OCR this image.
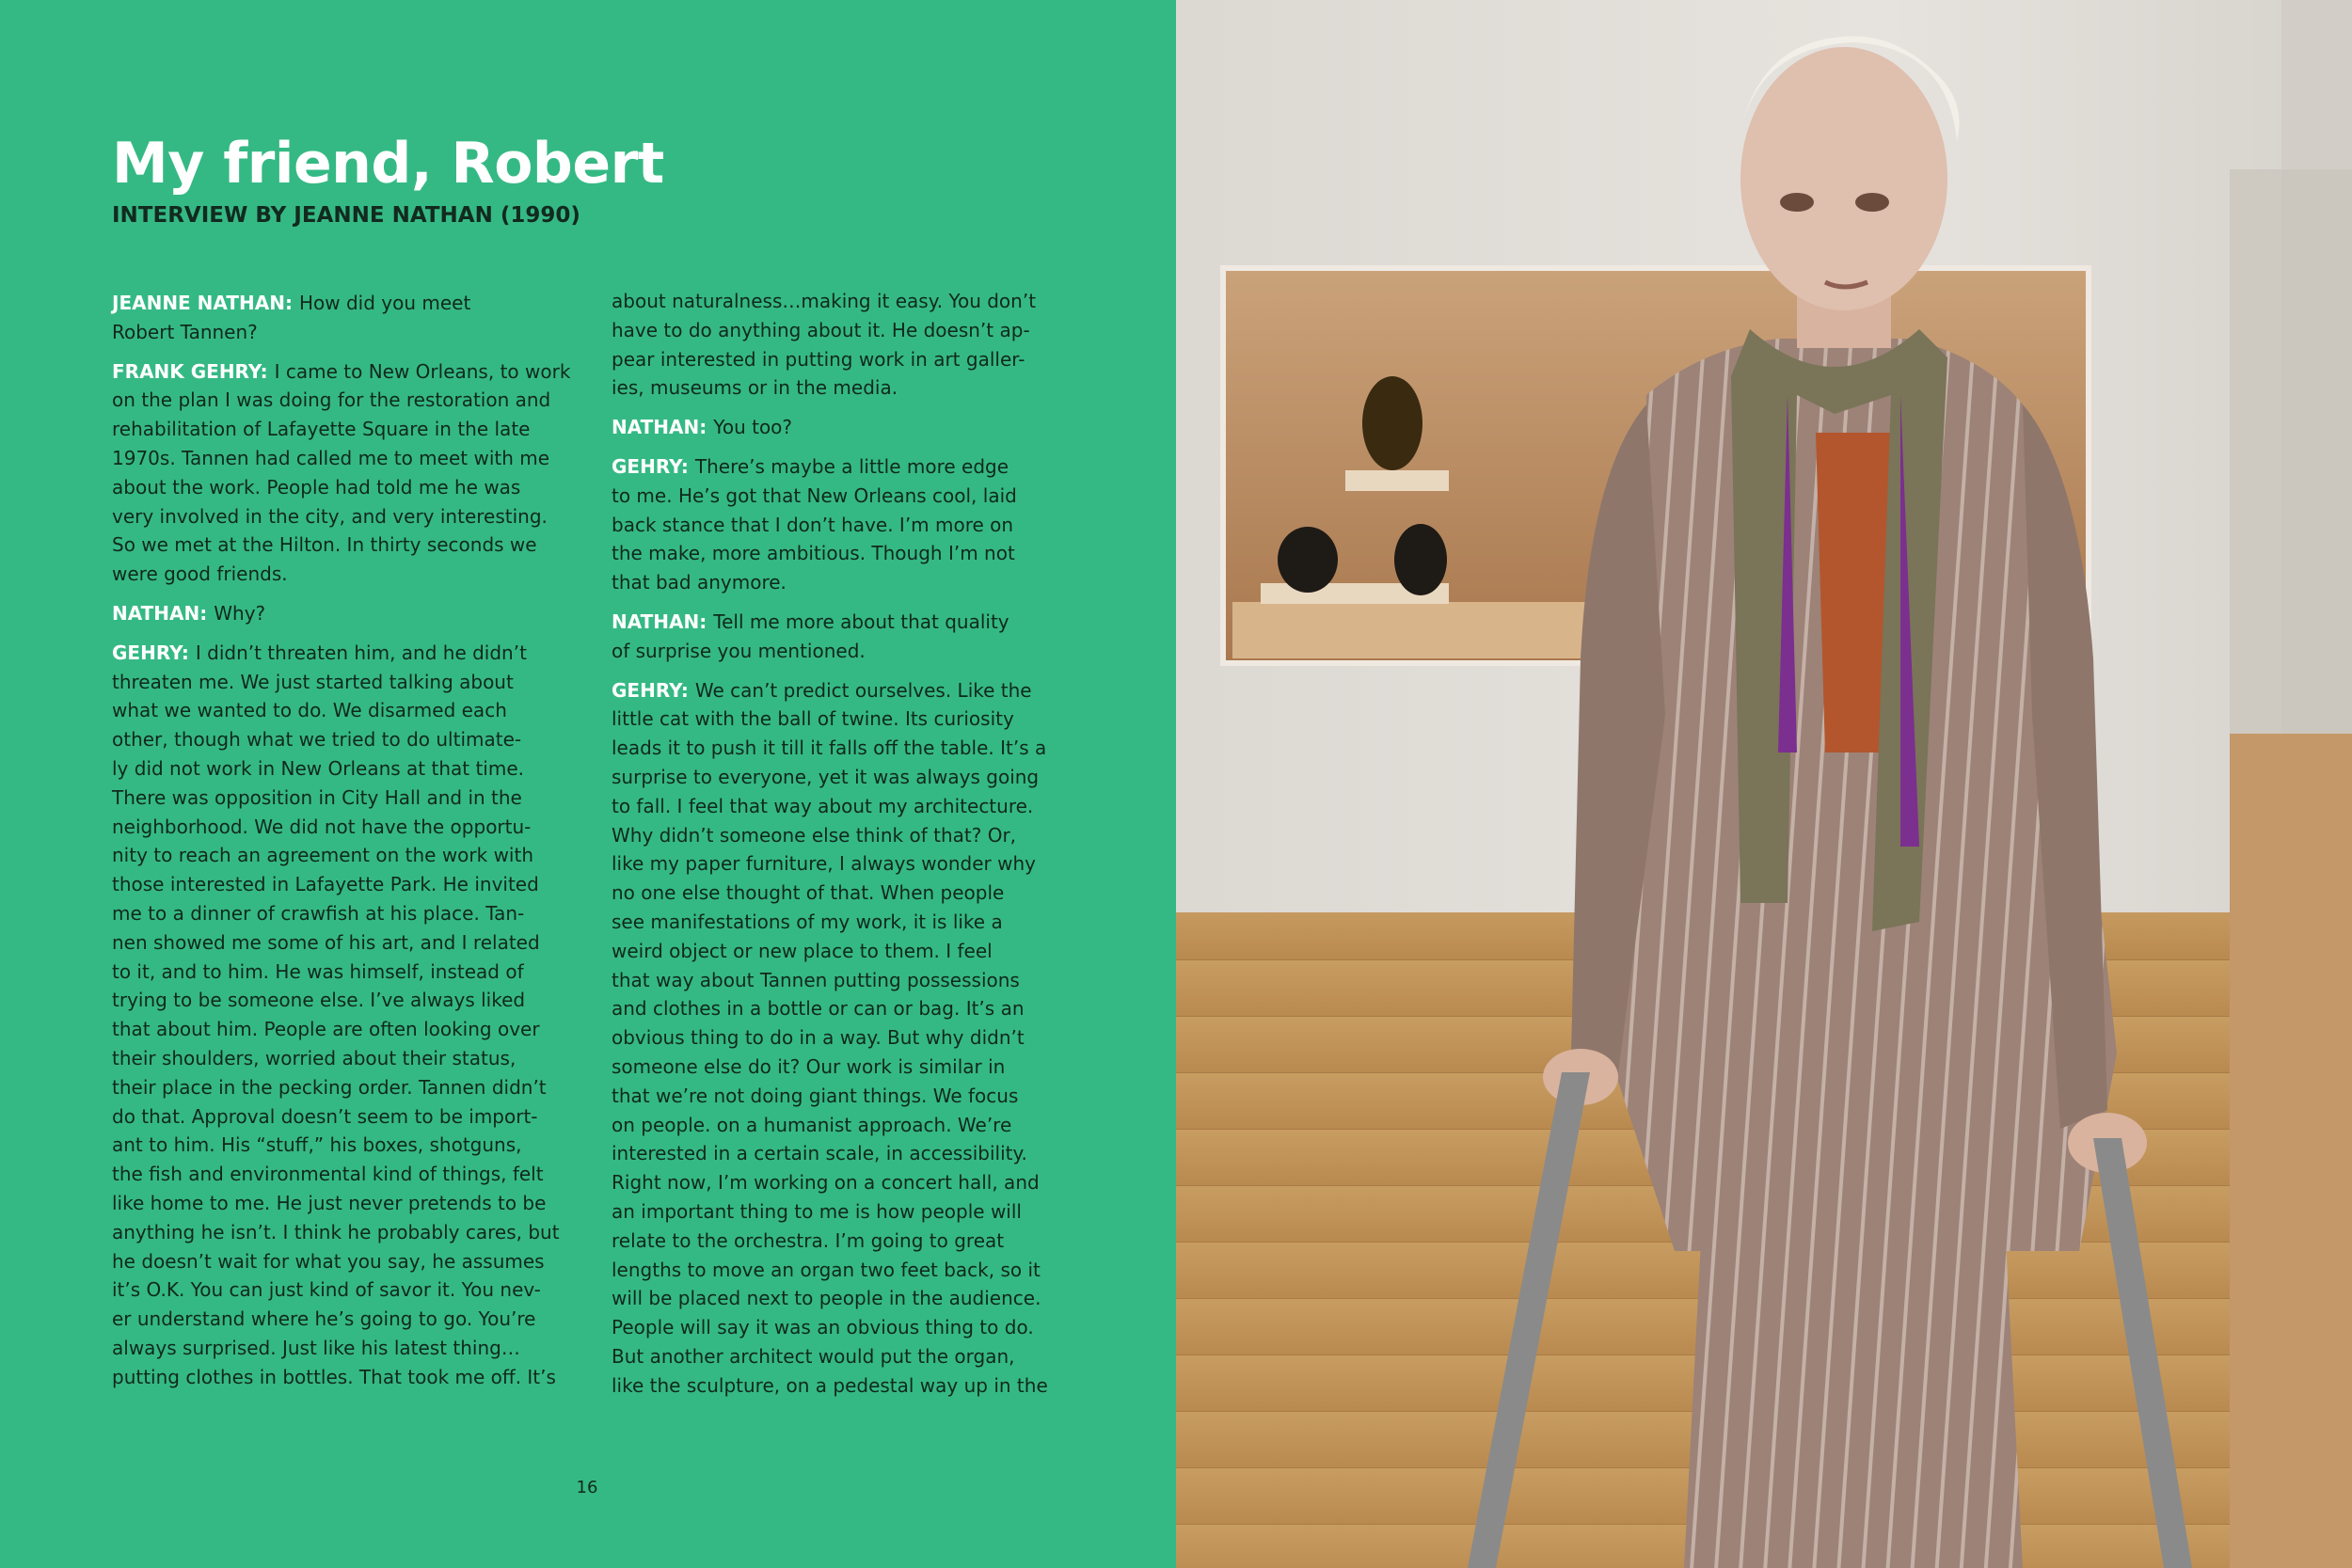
My friend, Robert
INTERVIEW BY JEANNE NATHAN (1990)

JEANNE NATHAN: How did you meet
Robert Tannen?

FRANK GEHRY: I came to New Orleans, to work
on the plan I was doing for the restoration and
rehabilitation of Lafayette Square in the late
1970s. Tannen had called me to meet with me
about the work. People had told me he was
very involved in the city, and very interesting.
So we met at the Hilton. In thirty seconds we
were good friends.

NATHAN: Why?

GEHRY: I didn’t threaten him, and he didn’t
threaten me. We just started talking about
what we wanted to do. We disarmed each
other, though what we tried to do ultimate-
ly did not work in New Orleans at that time.
There was opposition in City Hall and in the
neighborhood. We did not have the opportu-
nity to reach an agreement on the work with
those interested in Lafayette Park. He invited
me to a dinner of crawfish at his place. Tan-
nen showed me some of his art, and I related
to it, and to him. He was himself, instead of
trying to be someone else. I’ve always liked
that about him. People are often looking over
their shoulders, worried about their status,
their place in the pecking order. Tannen didn’t
do that. Approval doesn’t seem to be import-
ant to him. His “stuff,” his boxes, shotguns,
the fish and environmental kind of things, felt
like home to me. He just never pretends to be
anything he isn’t. I think he probably cares, but
he doesn’t wait for what you say, he assumes
it’s O.K. You can just kind of savor it. You nev-
er understand where he’s going to go. You’re
always surprised. Just like his latest thing…
putting clothes in bottles. That took me off. It’s

about naturalness…making it easy. You don’t
have to do anything about it. He doesn’t ap-
pear interested in putting work in art galler-
ies, museums or in the media.

NATHAN: You too?

GEHRY: There’s maybe a little more edge
to me. He’s got that New Orleans cool, laid
back stance that I don’t have. I’m more on
the make, more ambitious. Though I’m not
that bad anymore.

NATHAN: Tell me more about that quality
of surprise you mentioned.

GEHRY: We can’t predict ourselves. Like the
little cat with the ball of twine. Its curiosity
leads it to push it till it falls off the table. It’s a
surprise to everyone, yet it was always going
to fall. I feel that way about my architecture.
Why didn’t someone else think of that? Or,
like my paper furniture, I always wonder why
no one else thought of that. When people
see manifestations of my work, it is like a
weird object or new place to them. I feel
that way about Tannen putting possessions
and clothes in a bottle or can or bag. It’s an
obvious thing to do in a way. But why didn’t
someone else do it? Our work is similar in
that we’re not doing giant things. We focus
on people. on a humanist approach. We’re
interested in a certain scale, in accessibility.
Right now, I’m working on a concert hall, and
an important thing to me is how people will
relate to the orchestra. I’m going to great
lengths to move an organ two feet back, so it
will be placed next to people in the audience.
People will say it was an obvious thing to do.
But another architect would put the organ,
like the sculpture, on a pedestal way up in the

16
